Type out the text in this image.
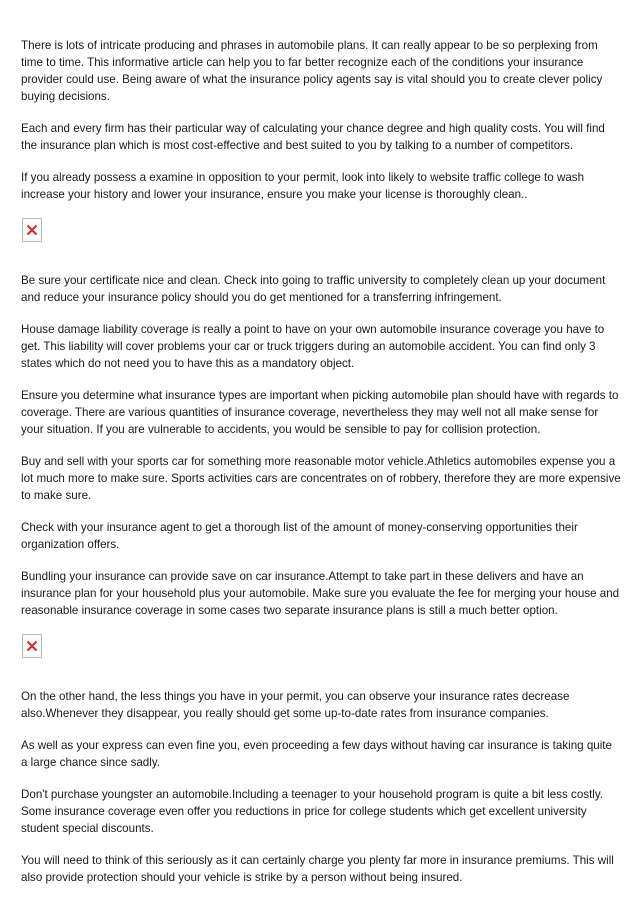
There is lots of intricate producing and phrases in automobile plans. It can really appear to be so perplexing from time to time. This informative article can help you to far better recognize each of the conditions your insurance provider could use. Being aware of what the insurance policy agents say is vital should you to create clever policy buying decisions.

Each and every firm has their particular way of calculating your chance degree and high quality costs. You will find the insurance plan which is most cost-effective and best suited to you by talking to a number of competitors.

If you already possess a examine in opposition to your permit, look into likely to website traffic college to wash increase your history and lower your insurance, ensure you make your license is thoroughly clean..

Be sure your certificate nice and clean. Check into going to traffic university to completely clean up your document and reduce your insurance policy should you do get mentioned for a transferring infringement.

House damage liability coverage is really a point to have on your own automobile insurance coverage you have to get. This liability will cover problems your car or truck triggers during an automobile accident. You can find only 3 states which do not need you to have this as a mandatory object.

Ensure you determine what insurance types are important when picking automobile plan should have with regards to coverage. There are various quantities of insurance coverage, nevertheless they may well not all make sense for your situation. If you are vulnerable to accidents, you would be sensible to pay for collision protection.

Buy and sell with your sports car for something more reasonable motor vehicle.Athletics automobiles expense you a lot much more to make sure. Sports activities cars are concentrates on of robbery, therefore they are more expensive to make sure.

Check with your insurance agent to get a thorough list of the amount of money-conserving opportunities their organization offers.

Bundling your insurance can provide save on car insurance.Attempt to take part in these delivers and have an insurance plan for your household plus your automobile. Make sure you evaluate the fee for merging your house and reasonable insurance coverage in some cases two separate insurance plans is still a much better option.

On the other hand, the less things you have in your permit, you can observe your insurance rates decrease also.Whenever they disappear, you really should get some up-to-date rates from insurance companies.

As well as your express can even fine you, even proceeding a few days without having car insurance is taking quite a large chance since sadly.

Don't purchase youngster an automobile.Including a teenager to your household program is quite a bit less costly. Some insurance coverage even offer you reductions in price for college students which get excellent university student special discounts.

You will need to think of this seriously as it can certainly charge you plenty far more in insurance premiums. This will also provide protection should your vehicle is strike by a person without being insured.
